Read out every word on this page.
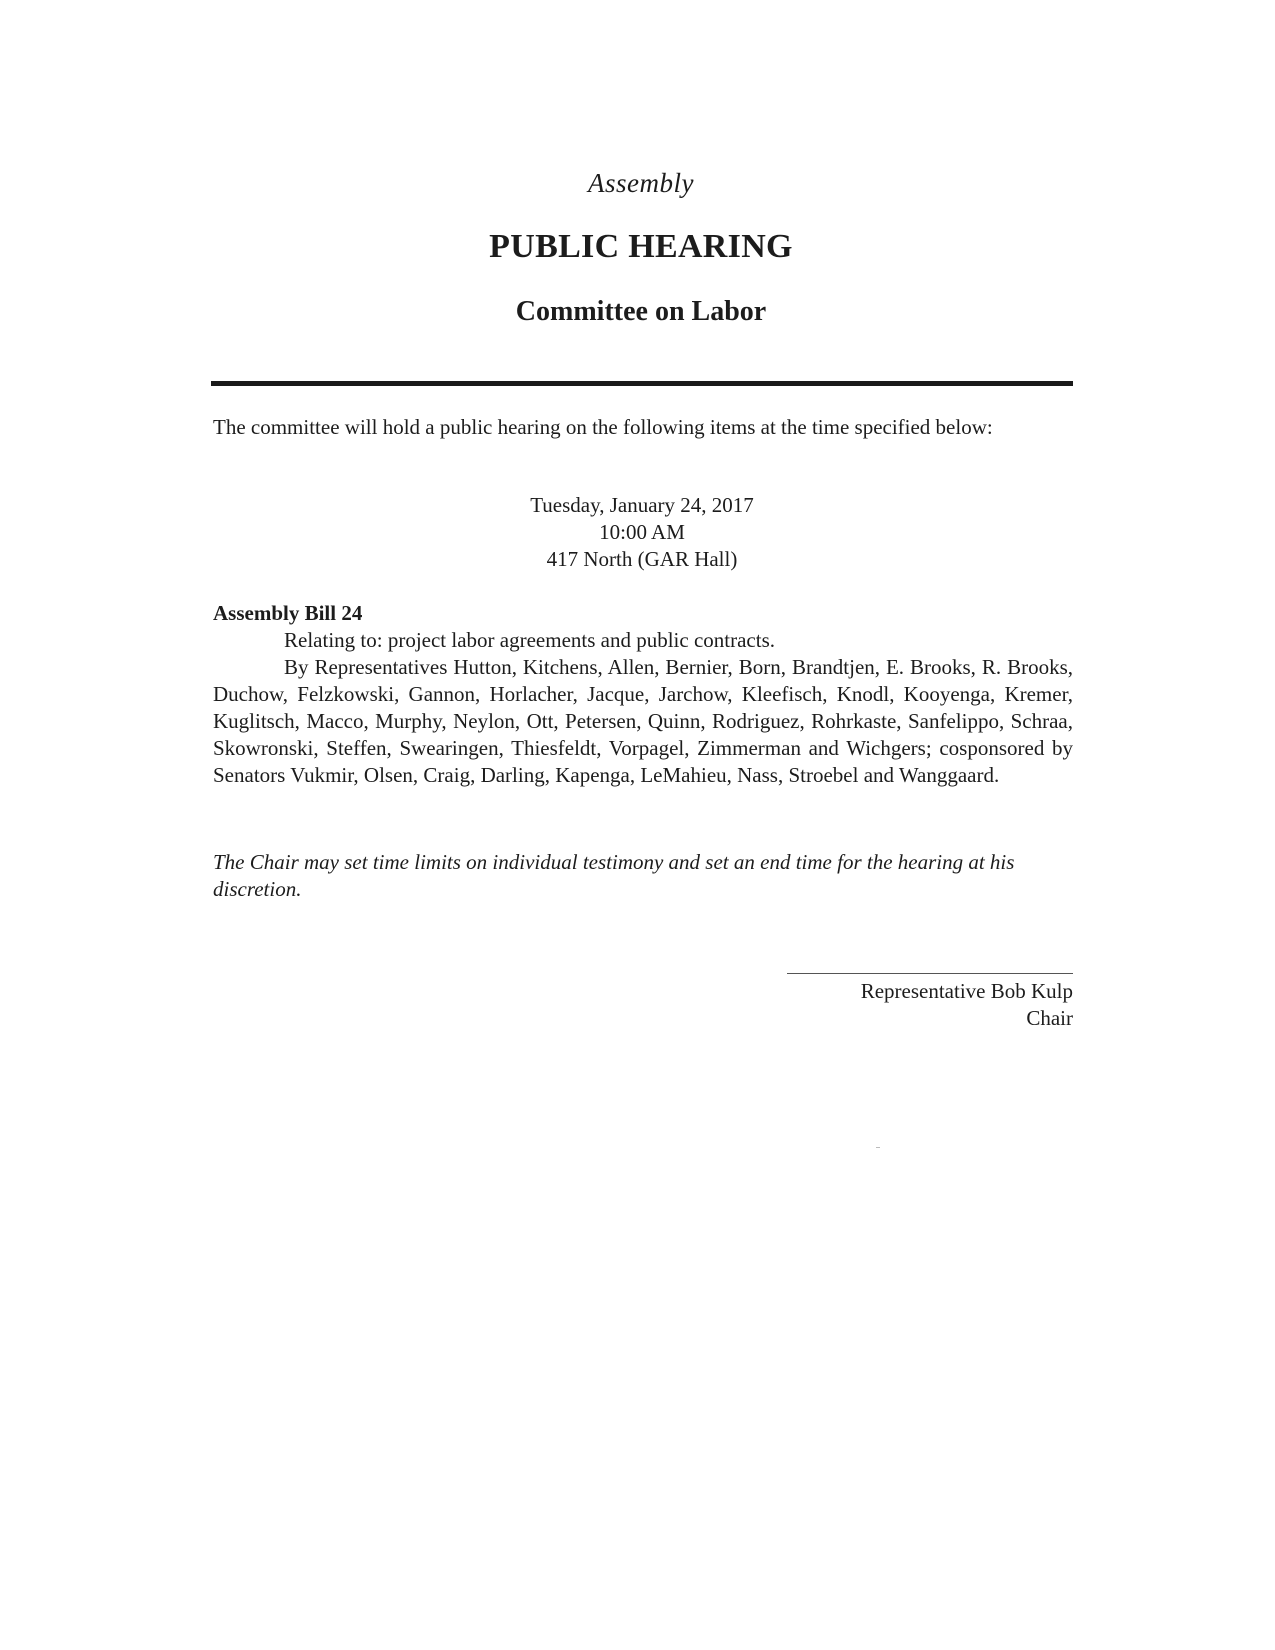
Assembly
PUBLIC HEARING
Committee on Labor
The committee will hold a public hearing on the following items at the time specified below:
Tuesday, January 24, 2017
10:00 AM
417 North (GAR Hall)
Assembly Bill 24
Relating to: project labor agreements and public contracts.
By Representatives Hutton, Kitchens, Allen, Bernier, Born, Brandtjen, E. Brooks, R. Brooks, Duchow, Felzkowski, Gannon, Horlacher, Jacque, Jarchow, Kleefisch, Knodl, Kooyenga, Kremer, Kuglitsch, Macco, Murphy, Neylon, Ott, Petersen, Quinn, Rodriguez, Rohrkaste, Sanfelippo, Schraa, Skowronski, Steffen, Swearingen, Thiesfeldt, Vorpagel, Zimmerman and Wichgers; cosponsored by Senators Vukmir, Olsen, Craig, Darling, Kapenga, LeMahieu, Nass, Stroebel and Wanggaard.
The Chair may set time limits on individual testimony and set an end time for the hearing at his discretion.
Representative Bob Kulp
Chair
